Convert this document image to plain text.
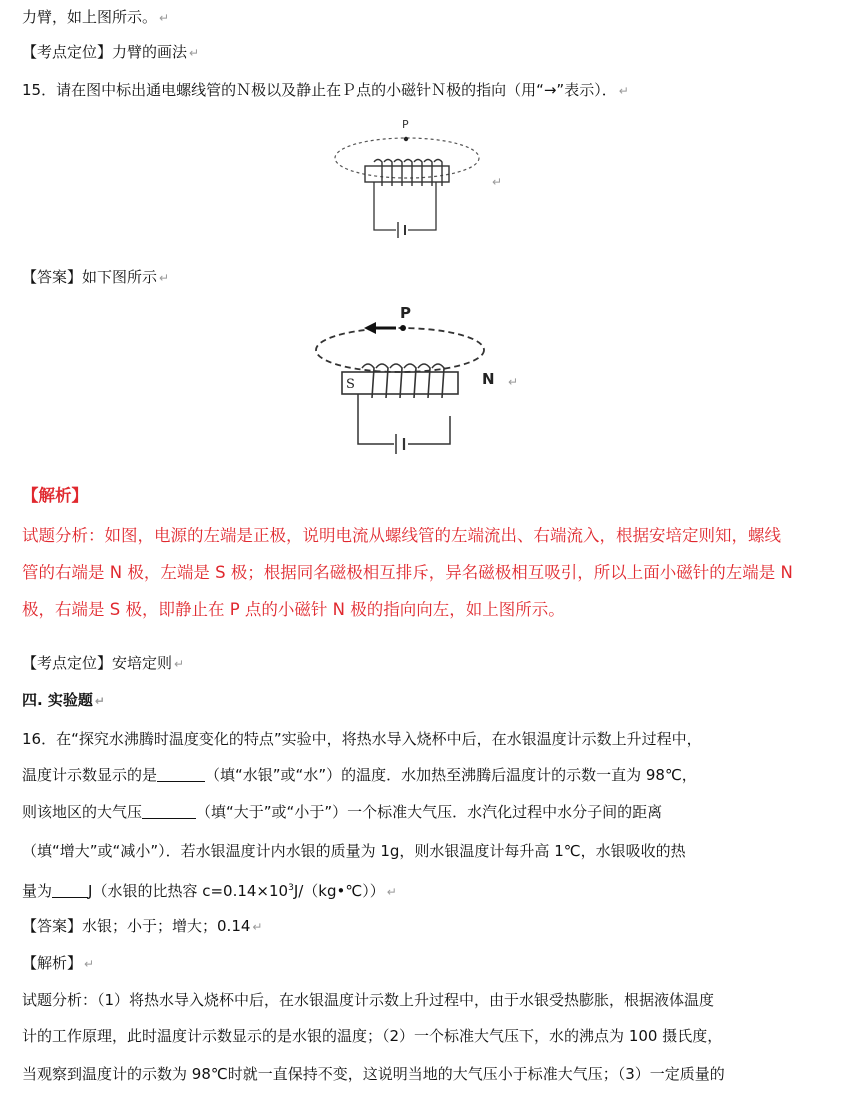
力臂，如上图所示。 ↵
【考点定位】力臂的画法 ↵
15．请在图中标出通电螺线管的Ｎ极以及静止在Ｐ点的小磁针Ｎ极的指向（用“→”表示）． ↵
P
↵
【答案】如下图所示 ↵
P
S	N ↵
【解析】
试题分析：如图，电源的左端是正极，说明电流从螺线管的左端流出、右端流入，根据安培定则知，螺线
管的右端是 N 极，左端是 S 极；根据同名磁极相互排斥，异名磁极相互吸引，所以上面小磁针的左端是 N
极，右端是 S 极，即静止在 P 点的小磁针 N 极的指向向左，如上图所示。
【考点定位】安培定则 ↵
四. 实验题 ↵
16．在“探究水沸腾时温度变化的特点”实验中，将热水导入烧杯中后，在水银温度计示数上升过程中，
温度计示数显示的是	（填“水银”或“水”）的温度．水加热至沸腾后温度计的示数一直为 98℃，
则该地区的大气压	（填“大于”或“小于”）一个标准大气压．水汽化过程中水分子间的距离
（填“增大”或“减小”）．若水银温度计内水银的质量为 1g，则水银温度计每升高 1℃，水银吸收的热
量为 J（水银的比热容 $c=0.14\times 10^3J/(kg•℃)$） ↵
【答案】水银；小于；增大；0.14 ↵
【解析】 ↵
试题分析：（1）将热水导入烧杯中后，在水银温度计示数上升过程中，由于水银受热膨胀，根据液体温度
计的工作原理，此时温度计示数显示的是水银的温度；（2）一个标准大气压下，水的沸点为 100 摄氏度，
当观察到温度计的示数为 98℃时就一直保持不变，这说明当地的大气压小于标准大气压；（3）一定质量的
